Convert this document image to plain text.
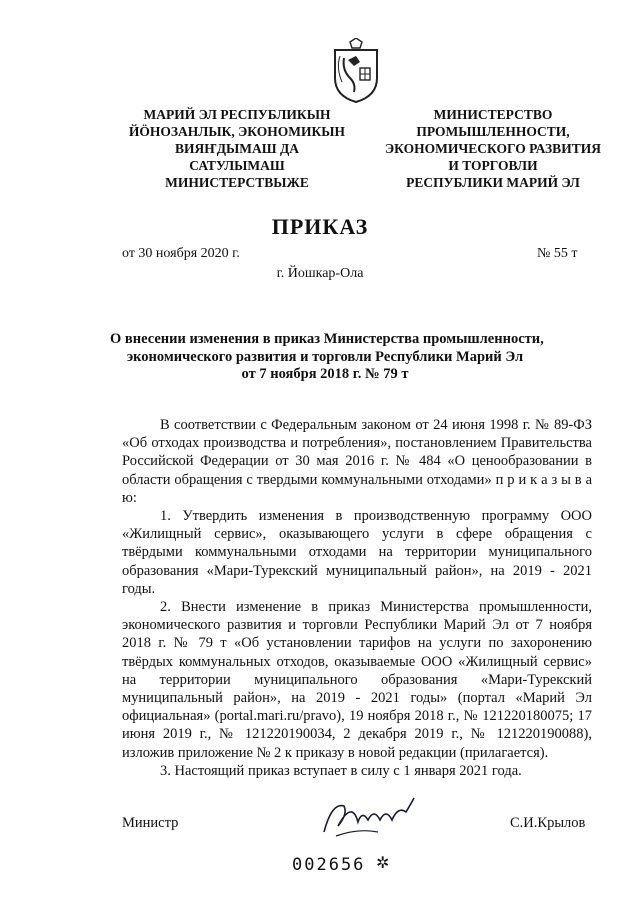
МАРИЙ ЭЛ РЕСПУБЛИКЫН
ЙӦНОЗАНЛЫК, ЭКОНОМИКЫН
ВИЯҤДЫМАШ ДА
САТУЛЫМАШ
МИНИСТЕРСТВЫЖЕ
МИНИСТЕРСТВО
ПРОМЫШЛЕННОСТИ,
ЭКОНОМИЧЕСКОГО РАЗВИТИЯ
И ТОРГОВЛИ
РЕСПУБЛИКИ МАРИЙ ЭЛ
ПРИКАЗ
от 30 ноября 2020 г.	№ 55 т
г. Йошкар-Ола
О внесении изменения в приказ Министерства промышленности,
экономического развития и торговли Республики Марий Эл
от 7 ноября 2018 г. № 79 т

В соответствии с Федеральным законом от 24 июня 1998 г. № 89-ФЗ «Об отходах производства и потребления», постановлением Правительства Российской Федерации от 30 мая 2016 г. № 484 «О ценообразовании в области обращения с твердыми коммунальными отходами» п р и к а з ы в а ю:

1. Утвердить изменения в производственную программу ООО «Жилищный сервис», оказывающего услуги в сфере обращения с твёрдыми коммунальными отходами на территории муниципального образования «Мари-Турекский муниципальный район», на 2019 - 2021 годы.

2. Внести изменение в приказ Министерства промышленности, экономического развития и торговли Республики Марий Эл от 7 ноября 2018 г. № 79 т «Об установлении тарифов на услуги по захоронению твёрдых коммунальных отходов, оказываемые ООО «Жилищный сервис» на территории муниципального образования «Мари-Турекский муниципальный район», на 2019 - 2021 годы» (портал «Марий Эл официальная» (portal.mari.ru/pravo), 19 ноября 2018 г., № 121220180075; 17 июня 2019 г., № 121220190034, 2 декабря 2019 г., № 121220190088), изложив приложение № 2 к приказу в новой редакции (прилагается).

3. Настоящий приказ вступает в силу с 1 января 2021 года.

Министр	С.И.Крылов
002656 ✲
